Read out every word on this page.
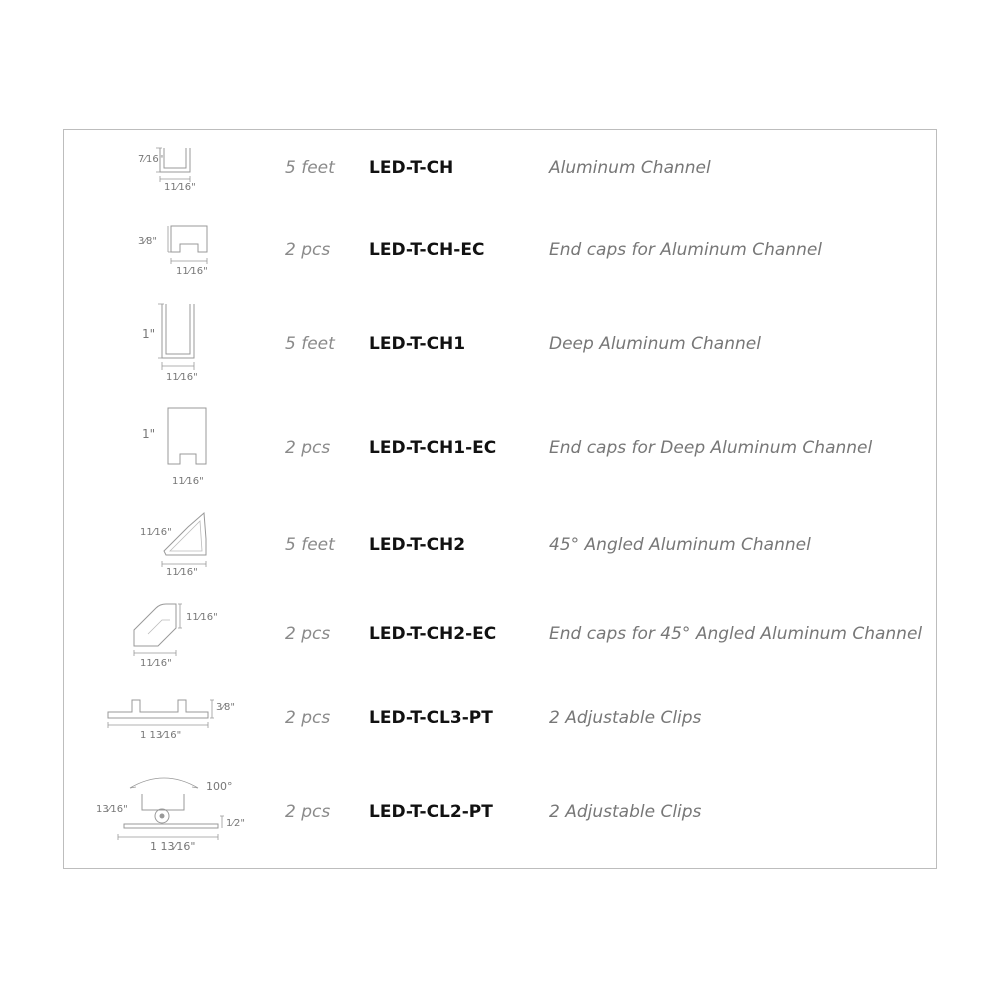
7⁄16"
11⁄16"
5 feet LED-T-CH	Aluminum Channel
3⁄8"
11⁄16"
2 pcs LED-T-CH-EC	End caps for Aluminum Channel
1"
11⁄16"
5 feet LED-T-CH1	Deep Aluminum Channel
1"
11⁄16"
2 pcs LED-T-CH1-EC	End caps for Deep Aluminum Channel
11⁄16"
11⁄16"
5 feet LED-T-CH2	45° Angled Aluminum Channel
11⁄16"
11⁄16"
2 pcs LED-T-CH2-EC	End caps for 45° Angled Aluminum Channel
3⁄8"
1 13⁄16"
2 pcs LED-T-CL3-PT	2 Adjustable Clips
100°
13⁄16"
1⁄2"
1 13⁄16"
2 pcs LED-T-CL2-PT	2 Adjustable Clips
